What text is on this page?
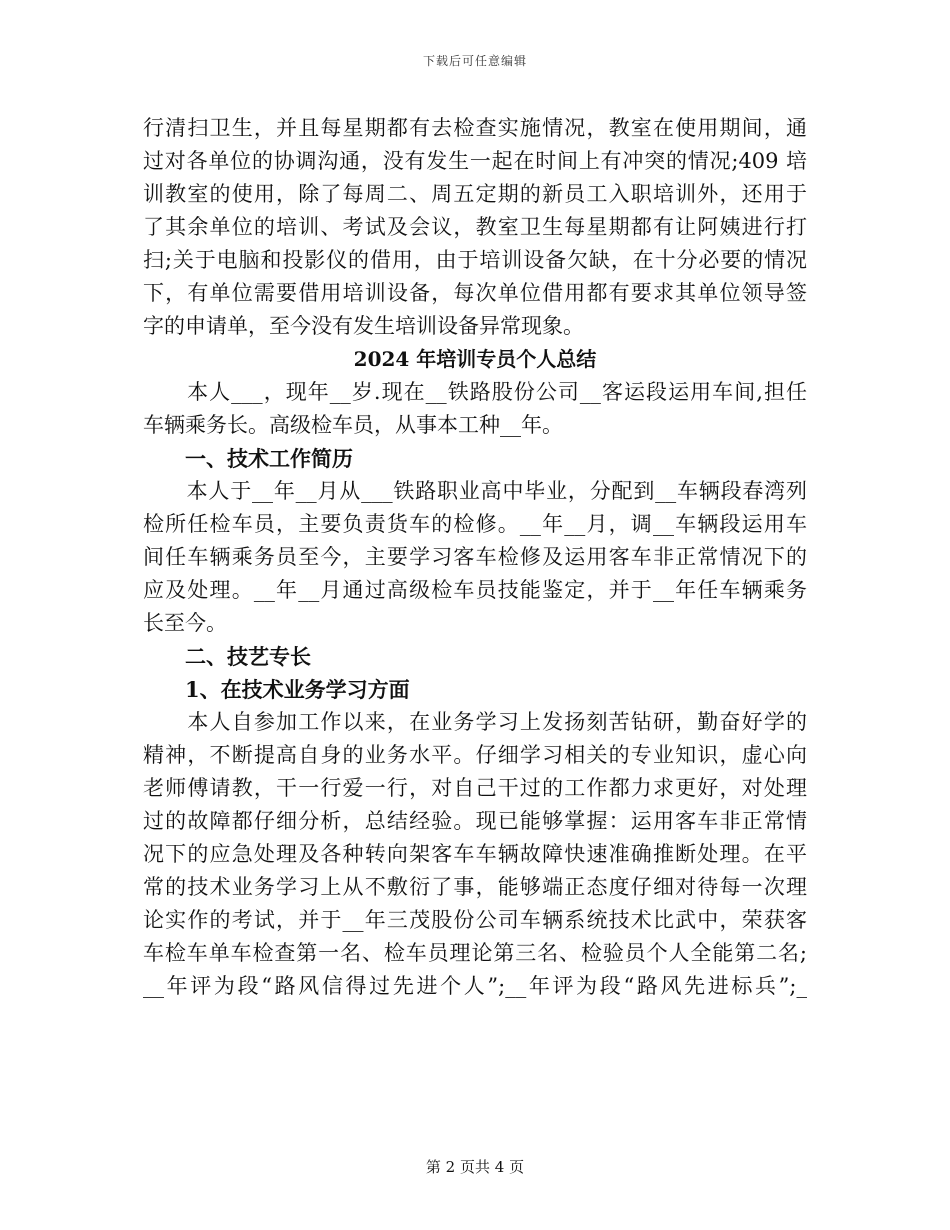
下载后可任意编辑
行清扫卫生，并且每星期都有去检查实施情况，教室在使用期间，通
过对各单位的协调沟通，没有发生一起在时间上有冲突的情况;409 培
训教室的使用，除了每周二、周五定期的新员工入职培训外，还用于
了其余单位的培训、考试及会议，教室卫生每星期都有让阿姨进行打
扫;关于电脑和投影仪的借用，由于培训设备欠缺，在十分必要的情况
下，有单位需要借用培训设备，每次单位借用都有要求其单位领导签
字的申请单，至今没有发生培训设备异常现象。
2024 年培训专员个人总结
　　本人___，现年__岁.现在__铁路股份公司__客运段运用车间,担任
车辆乘务长。高级检车员，从事本工种__年。
一、技术工作简历
　　本人于__年__月从___铁路职业高中毕业，分配到__车辆段春湾列
检所任检车员，主要负责货车的检修。__年__月，调__车辆段运用车
间任车辆乘务员至今，主要学习客车检修及运用客车非正常情况下的
应及处理。__年__月通过高级检车员技能鉴定，并于__年任车辆乘务
长至今。
二、技艺专长
1、在技术业务学习方面
　　本人自参加工作以来，在业务学习上发扬刻苦钻研，勤奋好学的
精神，不断提高自身的业务水平。仔细学习相关的专业知识，虚心向
老师傅请教，干一行爱一行，对自己干过的工作都力求更好，对处理
过的故障都仔细分析，总结经验。现已能够掌握：运用客车非正常情
况下的应急处理及各种转向架客车车辆故障快速准确推断处理。在平
常的技术业务学习上从不敷衍了事，能够端正态度仔细对待每一次理
论实作的考试，并于__年三茂股份公司车辆系统技术比武中，荣获客
车检车单车检查第一名、检车员理论第三名、检验员个人全能第二名;
__年评为段“路风信得过先进个人”;__年评为段“路风先进标兵”;_
第 2 页共 4 页
